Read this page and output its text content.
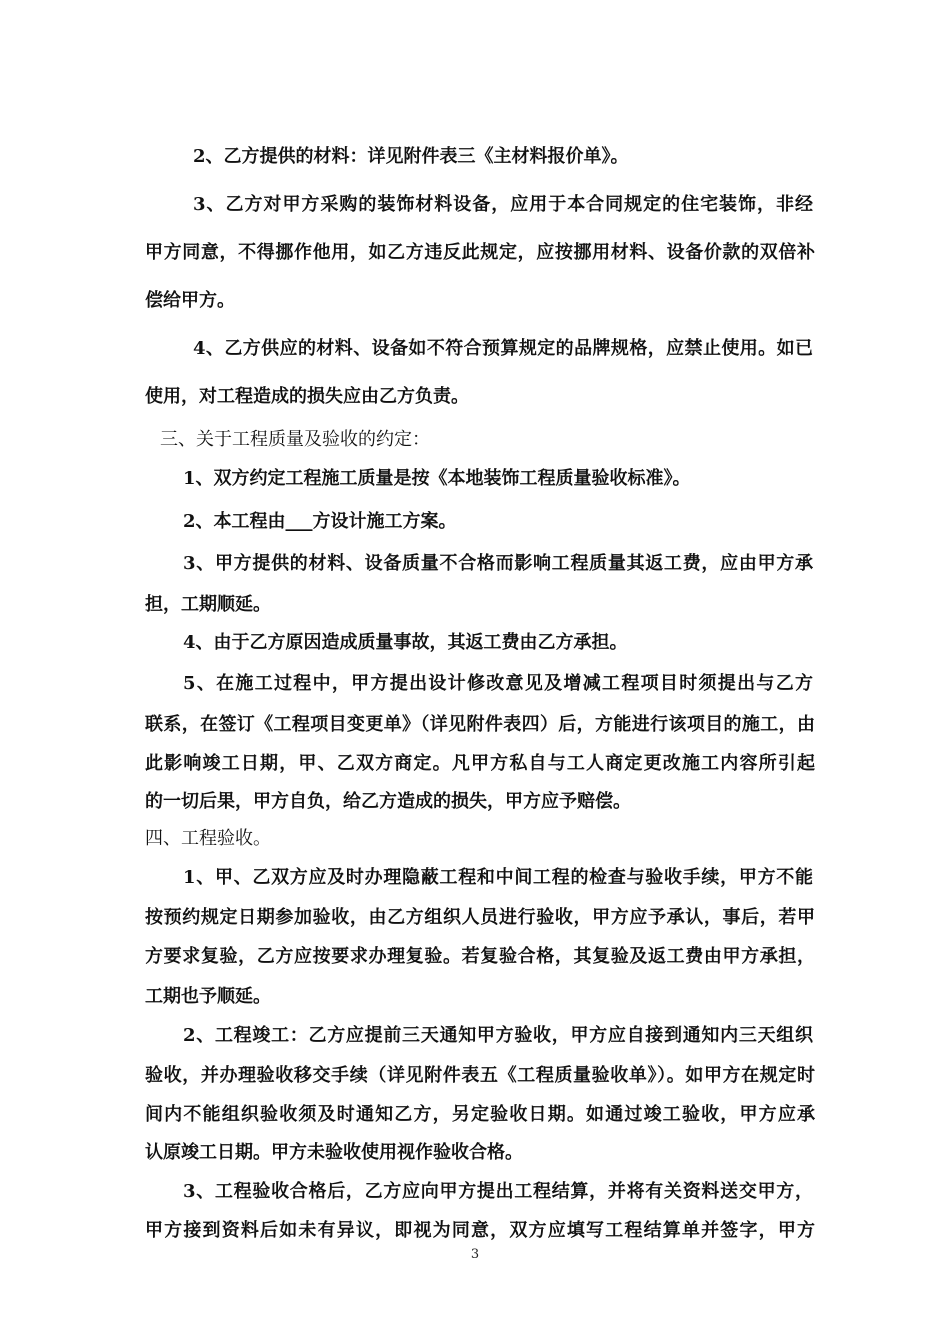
2、乙方提供的材料：详见附件表三《主材料报价单》。
3、乙方对甲方采购的装饰材料设备，应用于本合同规定的住宅装饰，非经
甲方同意，不得挪作他用，如乙方违反此规定，应按挪用材料、设备价款的双倍补
偿给甲方。
4、乙方供应的材料、设备如不符合预算规定的品牌规格，应禁止使用。如已
使用，对工程造成的损失应由乙方负责。
三、关于工程质量及验收的约定：
1、双方约定工程施工质量是按《本地装饰工程质量验收标准》。
2、本工程由___方设计施工方案。
3、甲方提供的材料、设备质量不合格而影响工程质量其返工费，应由甲方承
担，工期顺延。
4、由于乙方原因造成质量事故，其返工费由乙方承担。
5、在施工过程中，甲方提出设计修改意见及增减工程项目时须提出与乙方
联系，在签订《工程项目变更单》（详见附件表四）后，方能进行该项目的施工，由
此影响竣工日期，甲、乙双方商定。凡甲方私自与工人商定更改施工内容所引起
的一切后果，甲方自负，给乙方造成的损失，甲方应予赔偿。
四、工程验收。
1、甲、乙双方应及时办理隐蔽工程和中间工程的检查与验收手续，甲方不能
按预约规定日期参加验收，由乙方组织人员进行验收，甲方应予承认，事后，若甲
方要求复验，乙方应按要求办理复验。若复验合格，其复验及返工费由甲方承担，
工期也予顺延。
2、工程竣工：乙方应提前三天通知甲方验收，甲方应自接到通知内三天组织
验收，并办理验收移交手续（详见附件表五《工程质量验收单》）。如甲方在规定时
间内不能组织验收须及时通知乙方，另定验收日期。如通过竣工验收，甲方应承
认原竣工日期。甲方未验收使用视作验收合格。
3、工程验收合格后，乙方应向甲方提出工程结算，并将有关资料送交甲方，
甲方接到资料后如未有异议，即视为同意，双方应填写工程结算单并签字，甲方
3
